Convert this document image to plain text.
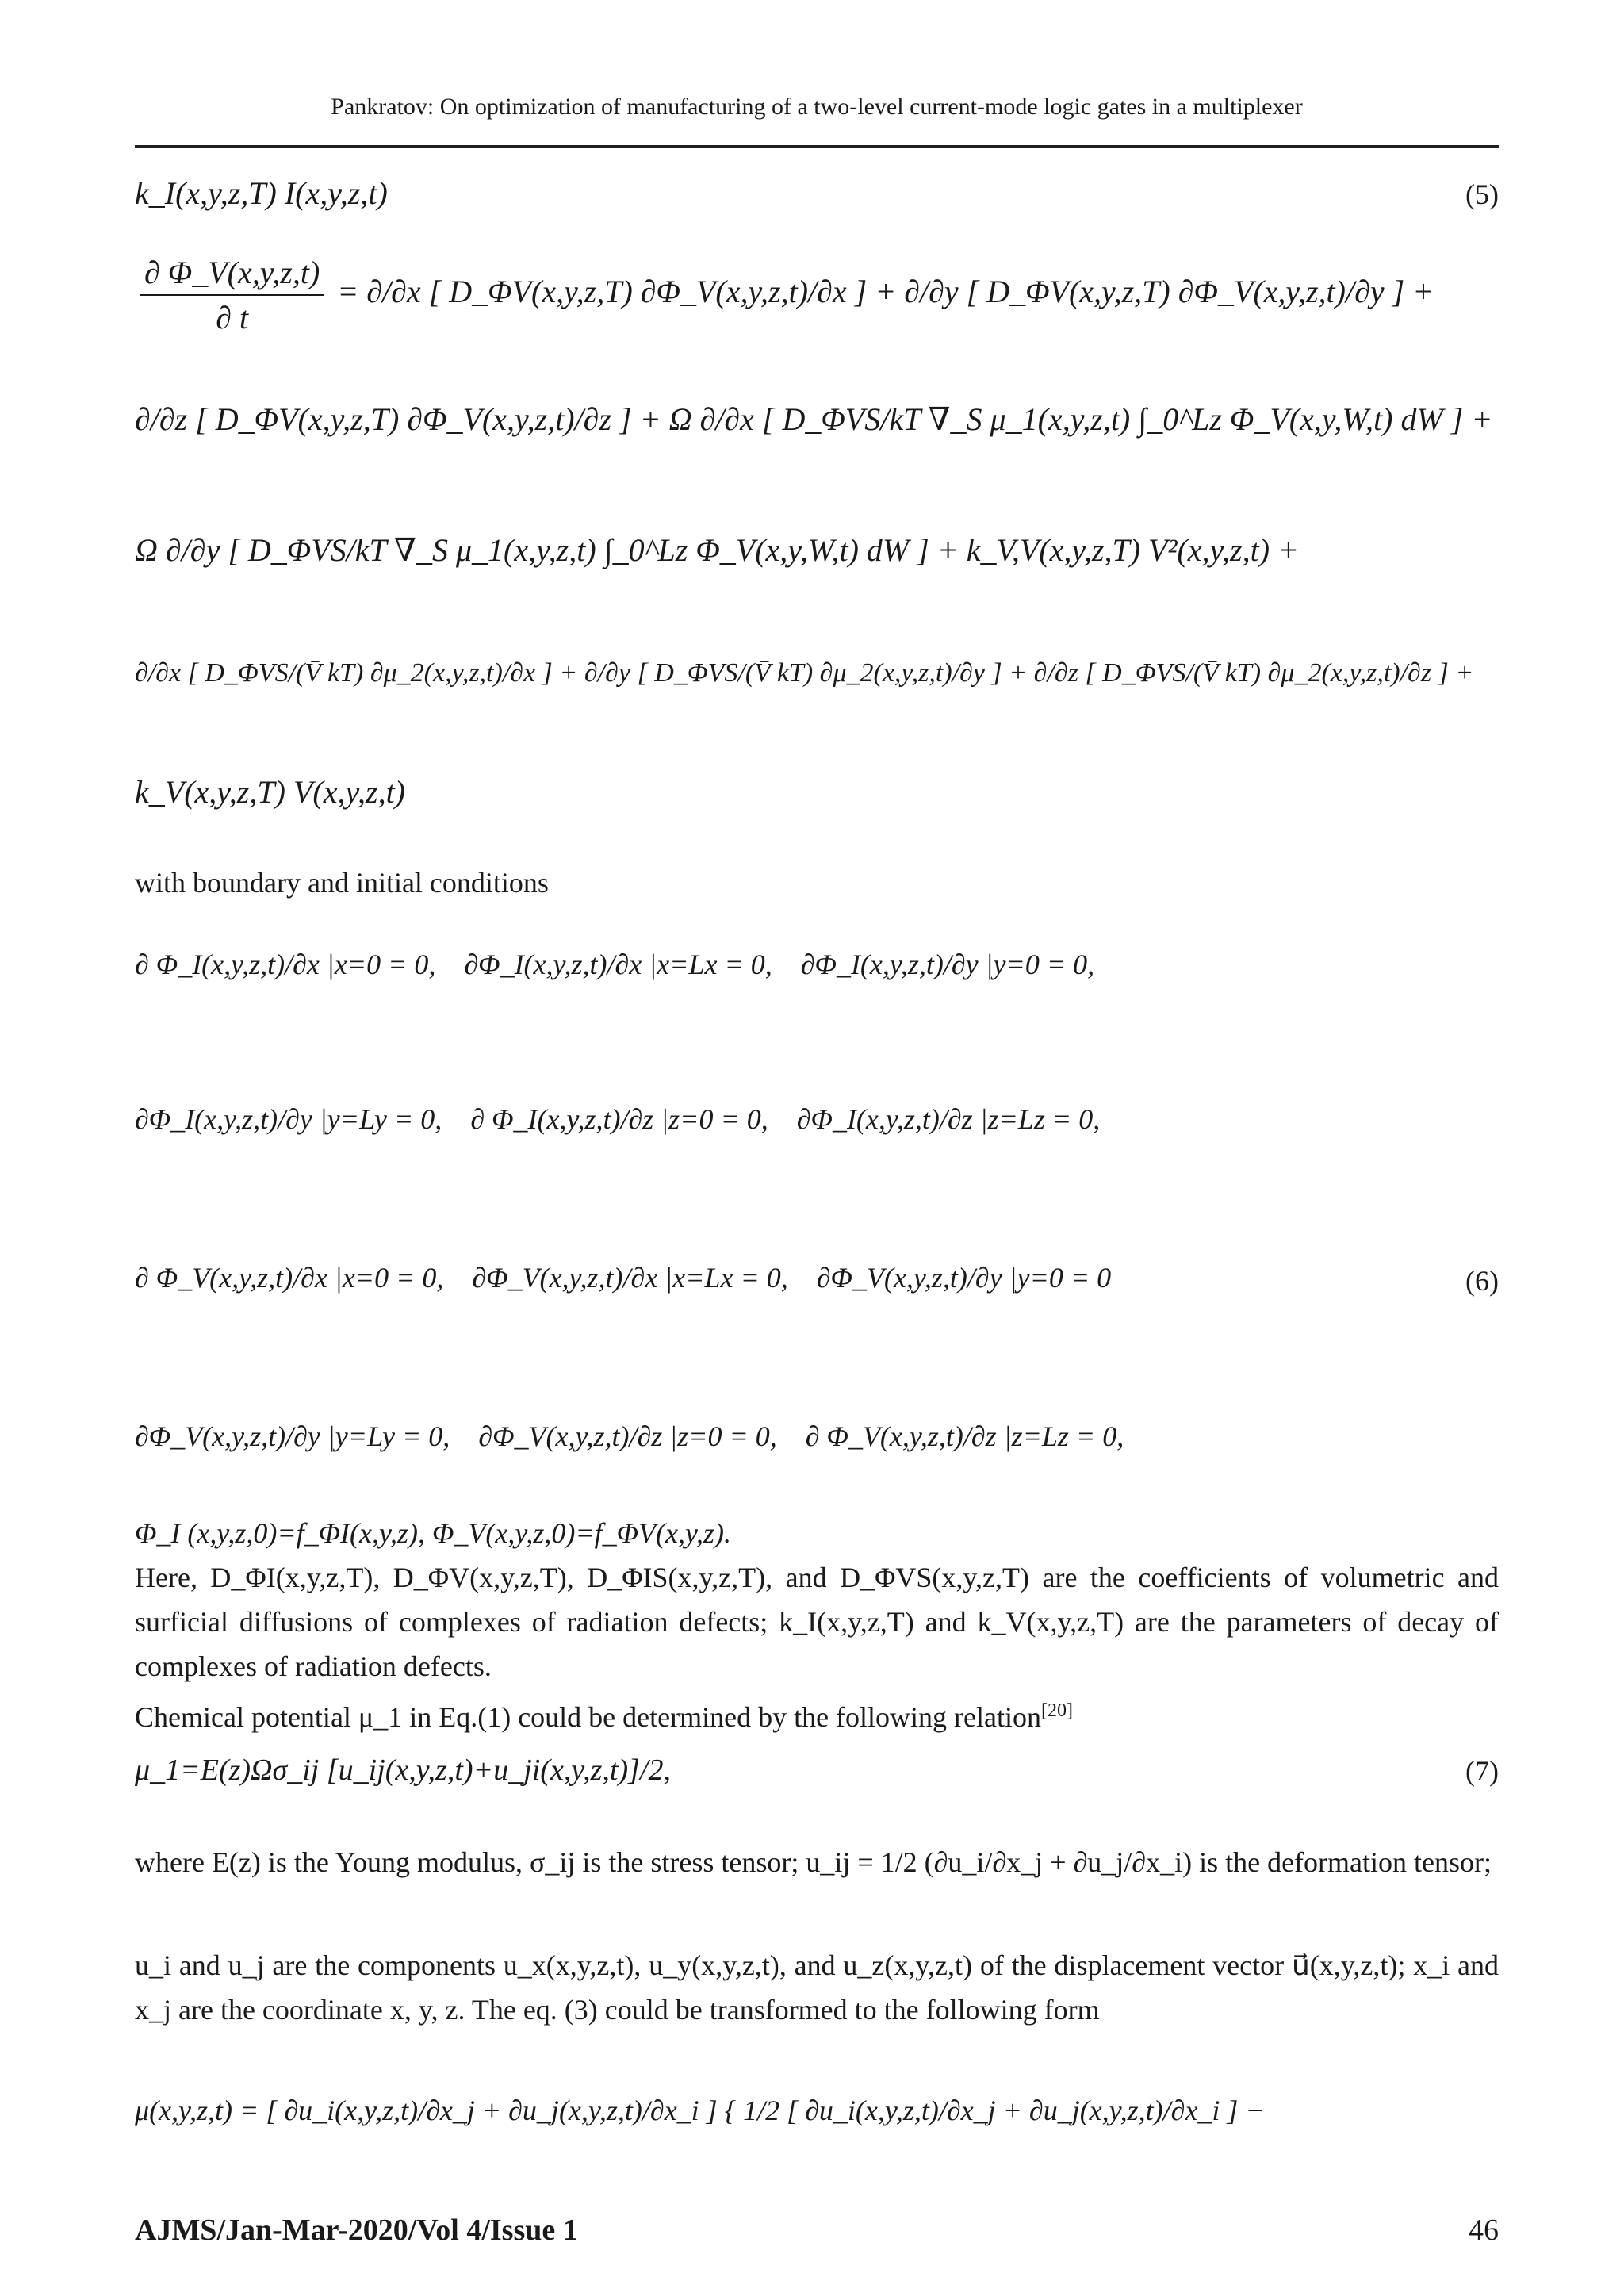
Pankratov: On optimization of manufacturing of a two-level current-mode logic gates in a multiplexer
k_I(x,y,z,T) I(x,y,z,t)	(5)
$\frac{\partial \Phi\_V(x,y,z,t)}{\partial t} = \partial/\partial x$ [ D_ΦV(x,y,z,T) ∂Φ_V(x,y,z,t)/∂x ] + ∂/∂y [ D_ΦV(x,y,z,T) ∂Φ_V(x,y,z,t)/∂y ] +
∂/∂z [ D_ΦV(x,y,z,T) ∂Φ_V(x,y,z,t)/∂z ] + Ω ∂/∂x [ D_ΦVS/kT ∇_S μ_1(x,y,z,t) ∫_0^Lz Φ_V(x,y,W,t) dW ] +
Ω ∂/∂y [ D_ΦVS/kT ∇_S μ_1(x,y,z,t) ∫_0^Lz Φ_V(x,y,W,t) dW ] + k_V,V(x,y,z,T) V²(x,y,z,t) +
∂/∂x [ D_ΦVS/(V̄ kT) ∂μ_2(x,y,z,t)/∂x ] + ∂/∂y [ D_ΦVS/(V̄ kT) ∂μ_2(x,y,z,t)/∂y ] + ∂/∂z [ D_ΦVS/(V̄ kT) ∂μ_2(x,y,z,t)/∂z ] +
k_V(x,y,z,T) V(x,y,z,t)
with boundary and initial conditions
∂ Φ_I(x,y,z,t)/∂x |x=0 = 0, ∂Φ_I(x,y,z,t)/∂x |x=Lx = 0, ∂Φ_I(x,y,z,t)/∂y |y=0 = 0,
∂Φ_I(x,y,z,t)/∂y |y=Ly = 0, ∂ Φ_I(x,y,z,t)/∂z |z=0 = 0, ∂Φ_I(x,y,z,t)/∂z |z=Lz = 0,
∂ Φ_V(x,y,z,t)/∂x |x=0 = 0, ∂Φ_V(x,y,z,t)/∂x |x=Lx = 0, ∂Φ_V(x,y,z,t)/∂y |y=0 = 0	(6)
∂Φ_V(x,y,z,t)/∂y |y=Ly = 0, ∂Φ_V(x,y,z,t)/∂z |z=0 = 0, ∂ Φ_V(x,y,z,t)/∂z |z=Lz = 0,
Φ_I (x,y,z,0)=f_ΦI(x,y,z), Φ_V(x,y,z,0)=f_ΦV(x,y,z).
Here, D_ΦI(x,y,z,T), D_ΦV(x,y,z,T), D_ΦIS(x,y,z,T), and D_ΦVS(x,y,z,T) are the coefficients of volumetric and surficial diffusions of complexes of radiation defects; k_I(x,y,z,T) and k_V(x,y,z,T) are the parameters of decay of complexes of radiation defects.
Chemical potential μ_1 in Eq.(1) could be determined by the following relation[20]
μ_1=E(z)Ωσ_ij [u_ij(x,y,z,t)+u_ji(x,y,z,t)]/2,	(7)
where E(z) is the Young modulus, σ_ij is the stress tensor; u_ij = 1/2 (∂u_i/∂x_j + ∂u_j/∂x_i) is the deformation tensor;
u_i and u_j are the components u_x(x,y,z,t), u_y(x,y,z,t), and u_z(x,y,z,t) of the displacement vector u⃗(x,y,z,t); x_i and x_j are the coordinate x, y, z. The eq. (3) could be transformed to the following form
μ(x,y,z,t) = [ ∂u_i(x,y,z,t)/∂x_j + ∂u_j(x,y,z,t)/∂x_i ] { 1/2 [ ∂u_i(x,y,z,t)/∂x_j + ∂u_j(x,y,z,t)/∂x_i ] −
AJMS/Jan-Mar-2020/Vol 4/Issue 1	46
